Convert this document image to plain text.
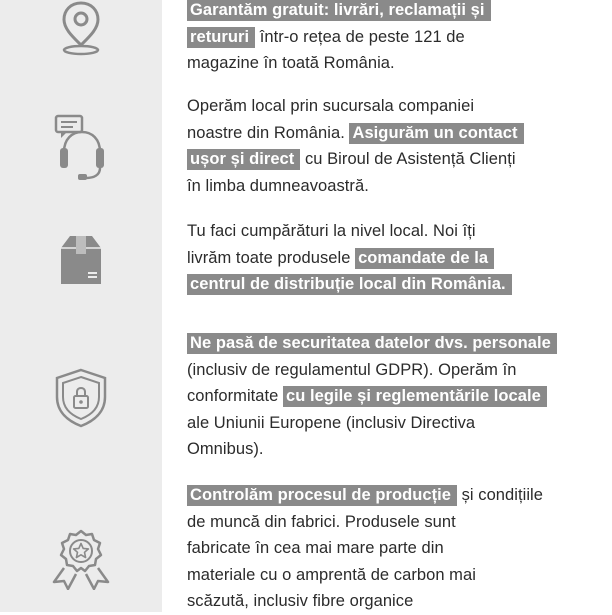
Garantăm gratuit: livrări, reclamații și
retururi într-o rețea de peste 121 de
magazine în toată România.
Operăm local prin sucursala companiei
noastre din România. Asigurăm un contact
ușor și direct cu Biroul de Asistență Clienți
în limba dumneavoastră.
Tu faci cumpărături la nivel local. Noi îți
livrăm toate produsele comandate de la
centrul de distribuție local din România.
Ne pasă de securitatea datelor dvs. personale
(inclusiv de regulamentul GDPR). Operăm în
conformitate cu legile și reglementările locale
ale Uniunii Europene (inclusiv Directiva
Omnibus).
Controlăm procesul de producție și condițiile
de muncă din fabrici. Produsele sunt
fabricate în cea mai mare parte din
materiale cu o amprentă de carbon mai
scăzută, inclusiv fibre organice
